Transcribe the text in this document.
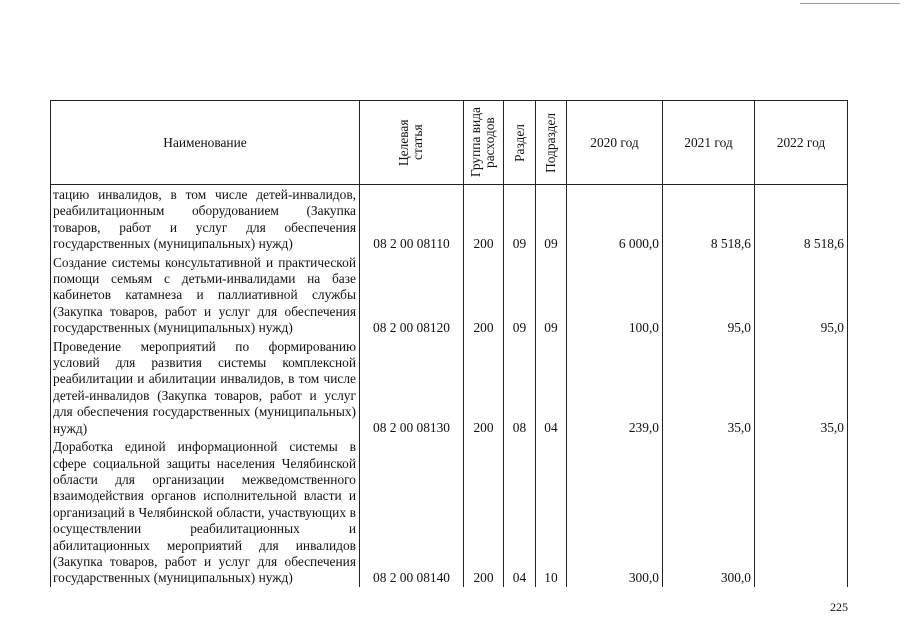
Наименование	Целевая статья	Группа вида расходов	Раздел	Подраздел	2020 год	2021 год	2022 год
тацию инвалидов, в том числе детей-инвалидов, реабилитационным оборудованием (Закупка товаров, работ и услуг для обеспечения государственных (муниципальных) нужд)	08 2 00 08110	200	09	09	6 000,0	8 518,6	8 518,6
Создание системы консультативной и практической помощи семьям с детьми-инвалидами на базе кабинетов катамнеза и паллиативной службы (Закупка товаров, работ и услуг для обеспечения государственных (муниципальных) нужд)	08 2 00 08120	200	09	09	100,0	95,0	95,0
Проведение мероприятий по формированию условий для развития системы комплексной реабилитации и абилитации инвалидов, в том числе детей-инвалидов (Закупка товаров, работ и услуг для обеспечения государственных (муниципальных) нужд)	08 2 00 08130	200	08	04	239,0	35,0	35,0
Доработка единой информационной системы в сфере социальной защиты населения Челябинской области для организации межведомственного взаимодействия органов исполнительной власти и организаций в Челябинской области, участвующих в осуществлении реабилитационных и абилитационных мероприятий для инвалидов (Закупка товаров, работ и услуг для обеспечения государственных (муниципальных) нужд)	08 2 00 08140	200	04	10	300,0	300,0	
225
